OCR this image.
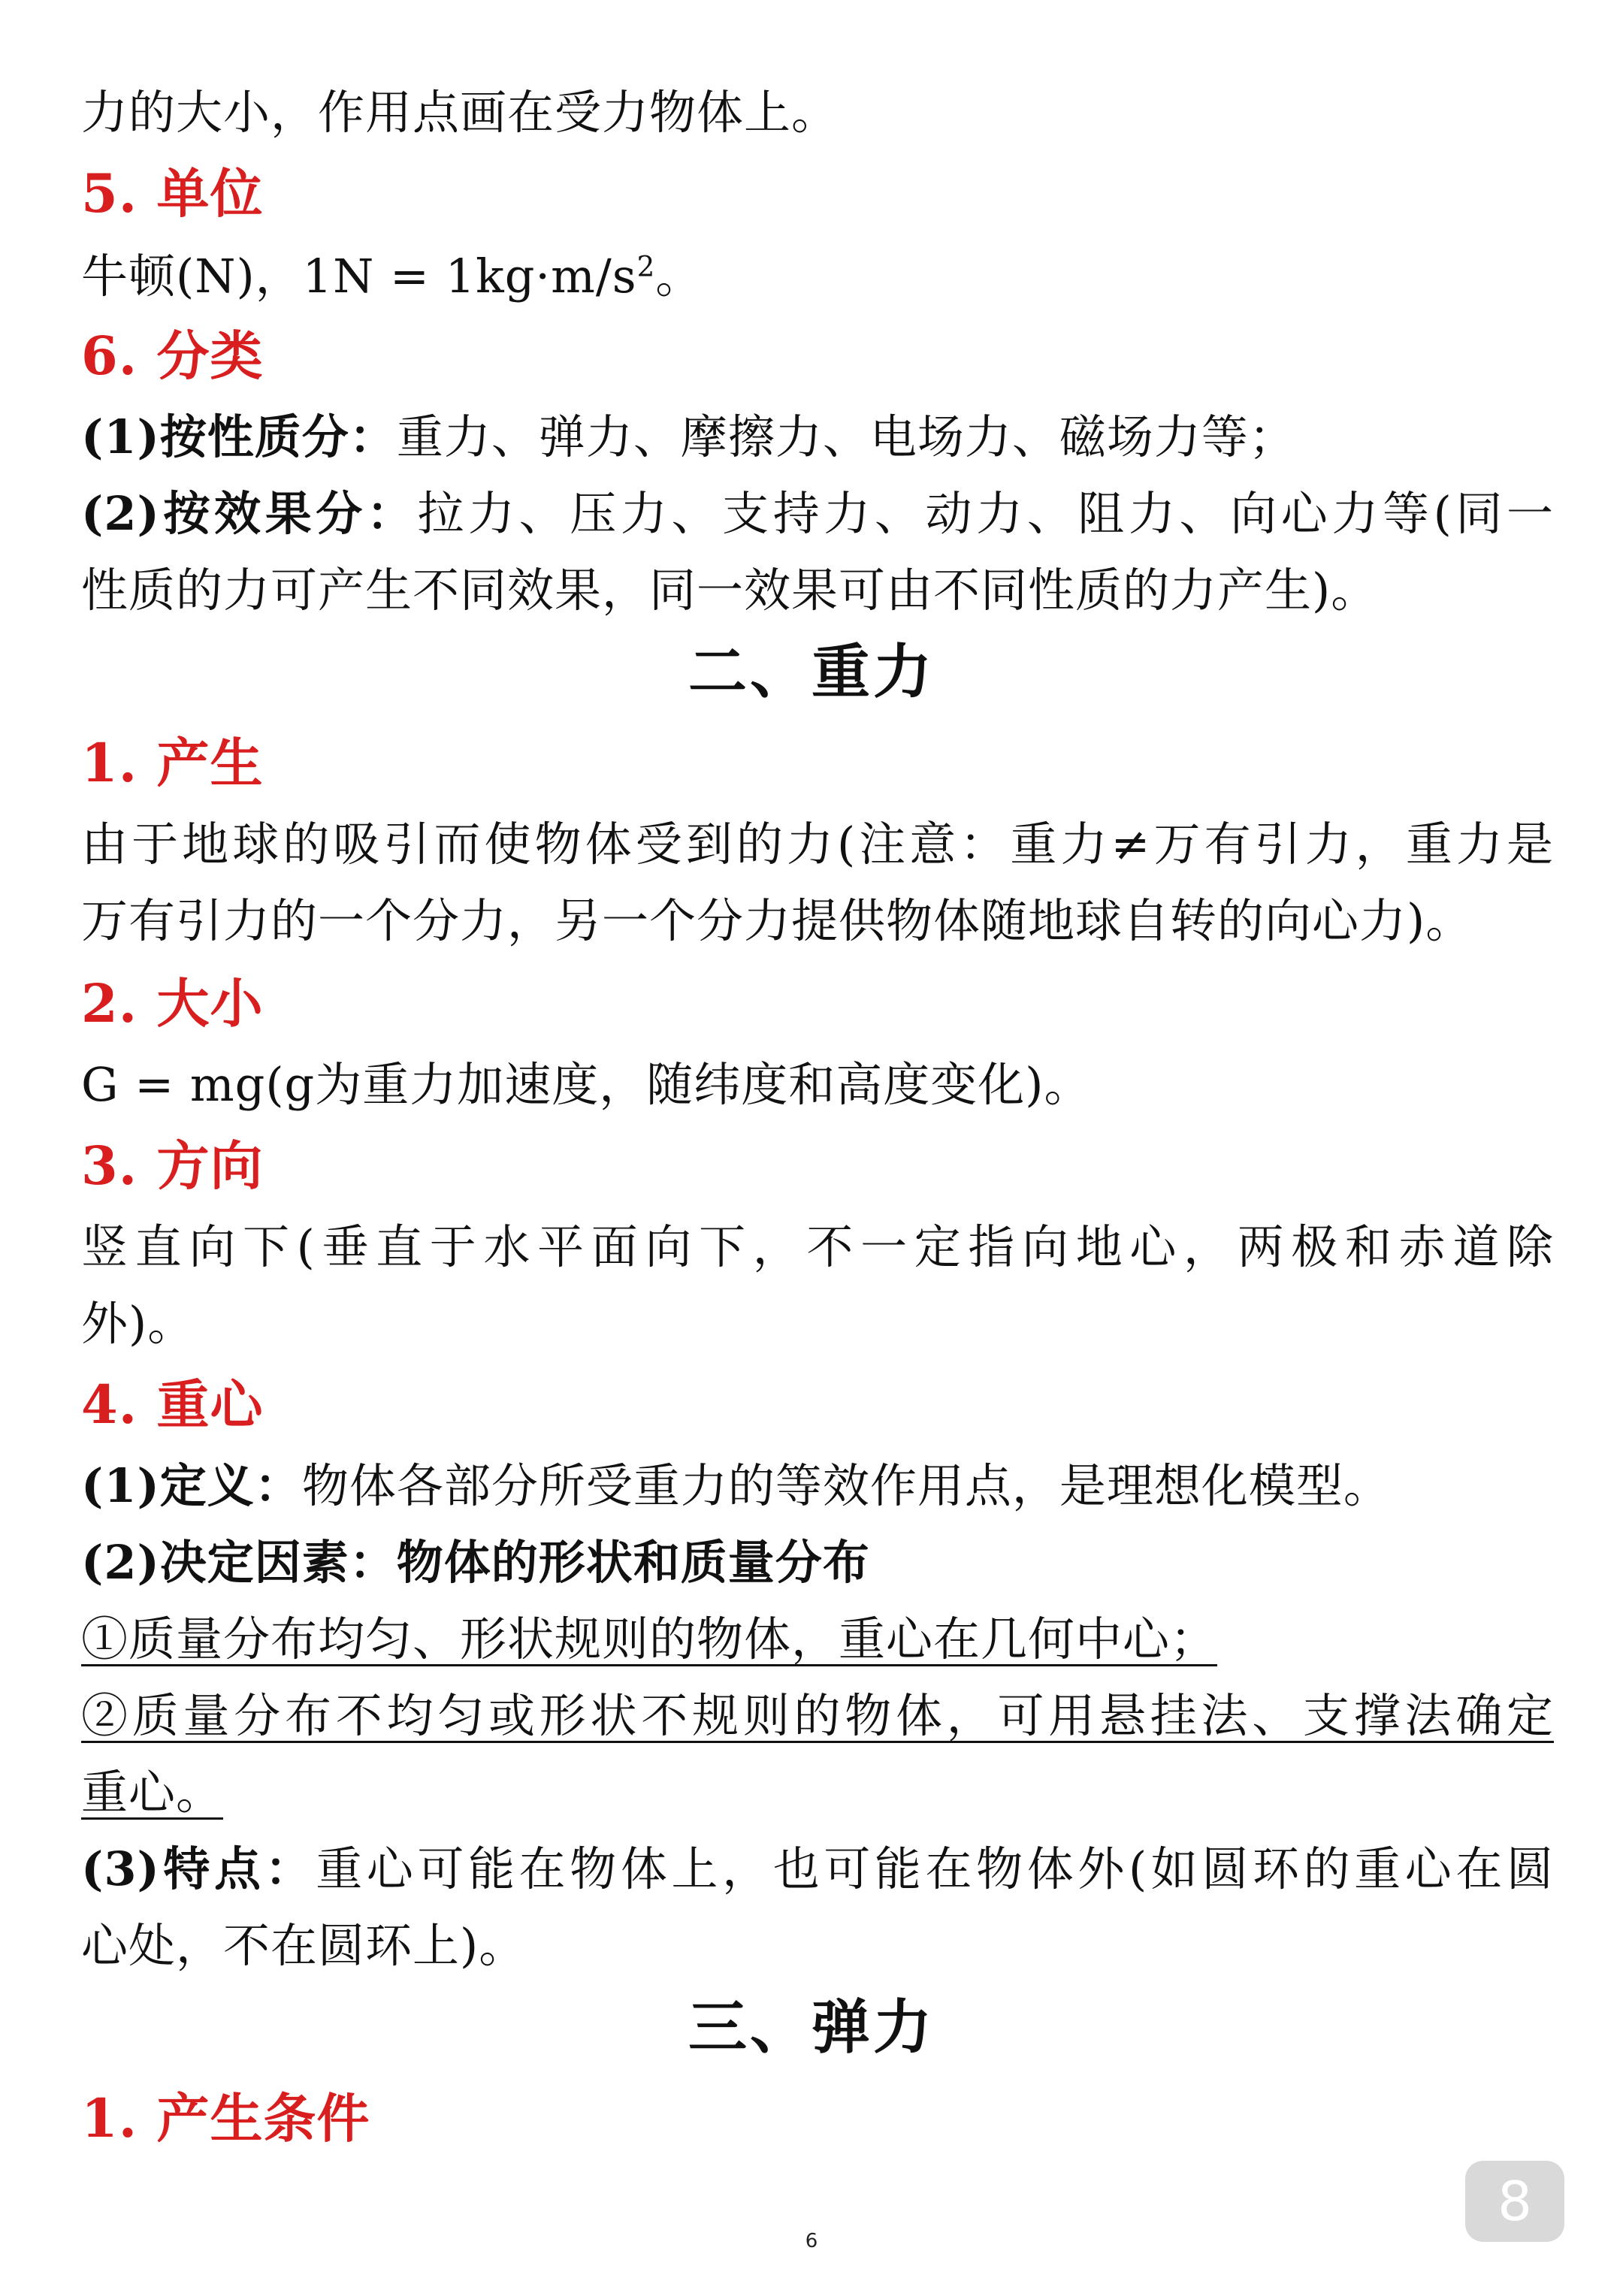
力的大小，作用点画在受力物体上。
5. 单位
牛顿(N)，$1N = 1kg\cdot m/s^2$。
6. 分类
(1)按性质分：重力、弹力、摩擦力、电场力、磁场力等；
(2)按效果分：拉力、压力、支持力、动力、阻力、向心力等(同一
性质的力可产生不同效果，同一效果可由不同性质的力产生)。
二、重力
1. 产生
由于地球的吸引而使物体受到的力(注意：重力≠万有引力，重力是
万有引力的一个分力，另一个分力提供物体随地球自转的向心力)。
2. 大小
G = mg(g为重力加速度，随纬度和高度变化)。
3. 方向
竖直向下(垂直于水平面向下，不一定指向地心，两极和赤道除
外)。
4. 重心
(1)定义：物体各部分所受重力的等效作用点，是理想化模型。
(2)决定因素：物体的形状和质量分布
①质量分布均匀、形状规则的物体，重心在几何中心；
②质量分布不均匀或形状不规则的物体，可用悬挂法、支撑法确定
重心。
(3)特点：重心可能在物体上，也可能在物体外(如圆环的重心在圆
心处，不在圆环上)。
三、弹力
1. 产生条件
8
6
